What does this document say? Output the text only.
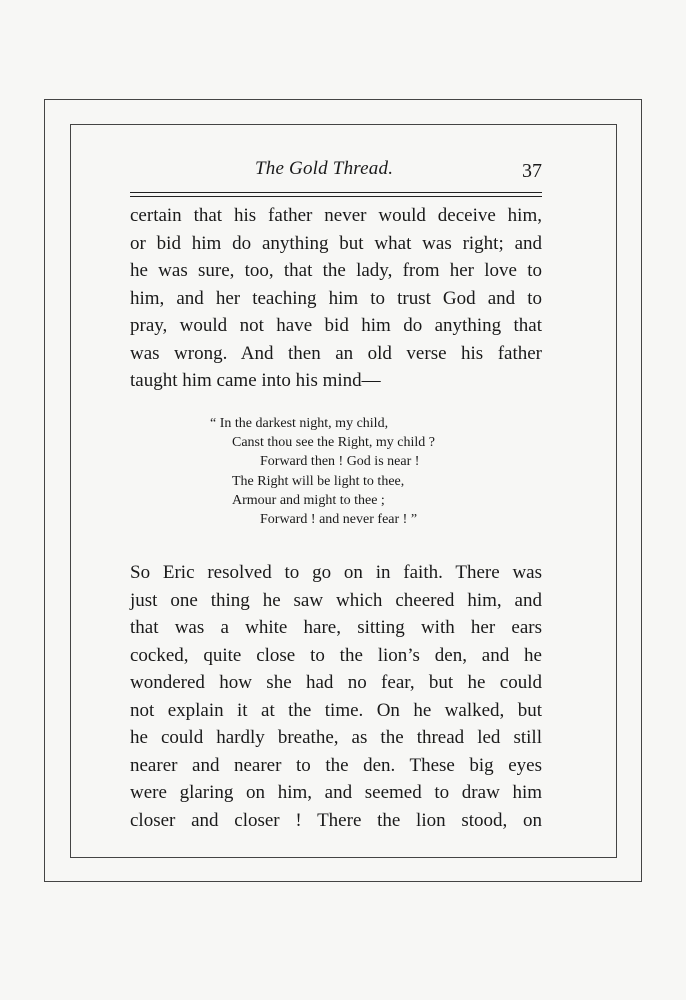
The Gold Thread.	37

certain that his father never would deceive him,
or bid him do anything but what was right; and
he was sure, too, that the lady, from her love to
him, and her teaching him to trust God and to
pray, would not have bid him do anything that
was wrong. And then an old verse his father
taught him came into his mind—

“ In the darkest night, my child,
Canst thou see the Right, my child ?
Forward then ! God is near !
The Right will be light to thee,
Armour and might to thee ;
Forward ! and never fear ! ”

So Eric resolved to go on in faith. There was
just one thing he saw which cheered him, and
that was a white hare, sitting with her ears
cocked, quite close to the lion’s den, and he
wondered how she had no fear, but he could
not explain it at the time. On he walked, but
he could hardly breathe, as the thread led still
nearer and nearer to the den. These big eyes
were glaring on him, and seemed to draw him
closer and closer ! There the lion stood, on
